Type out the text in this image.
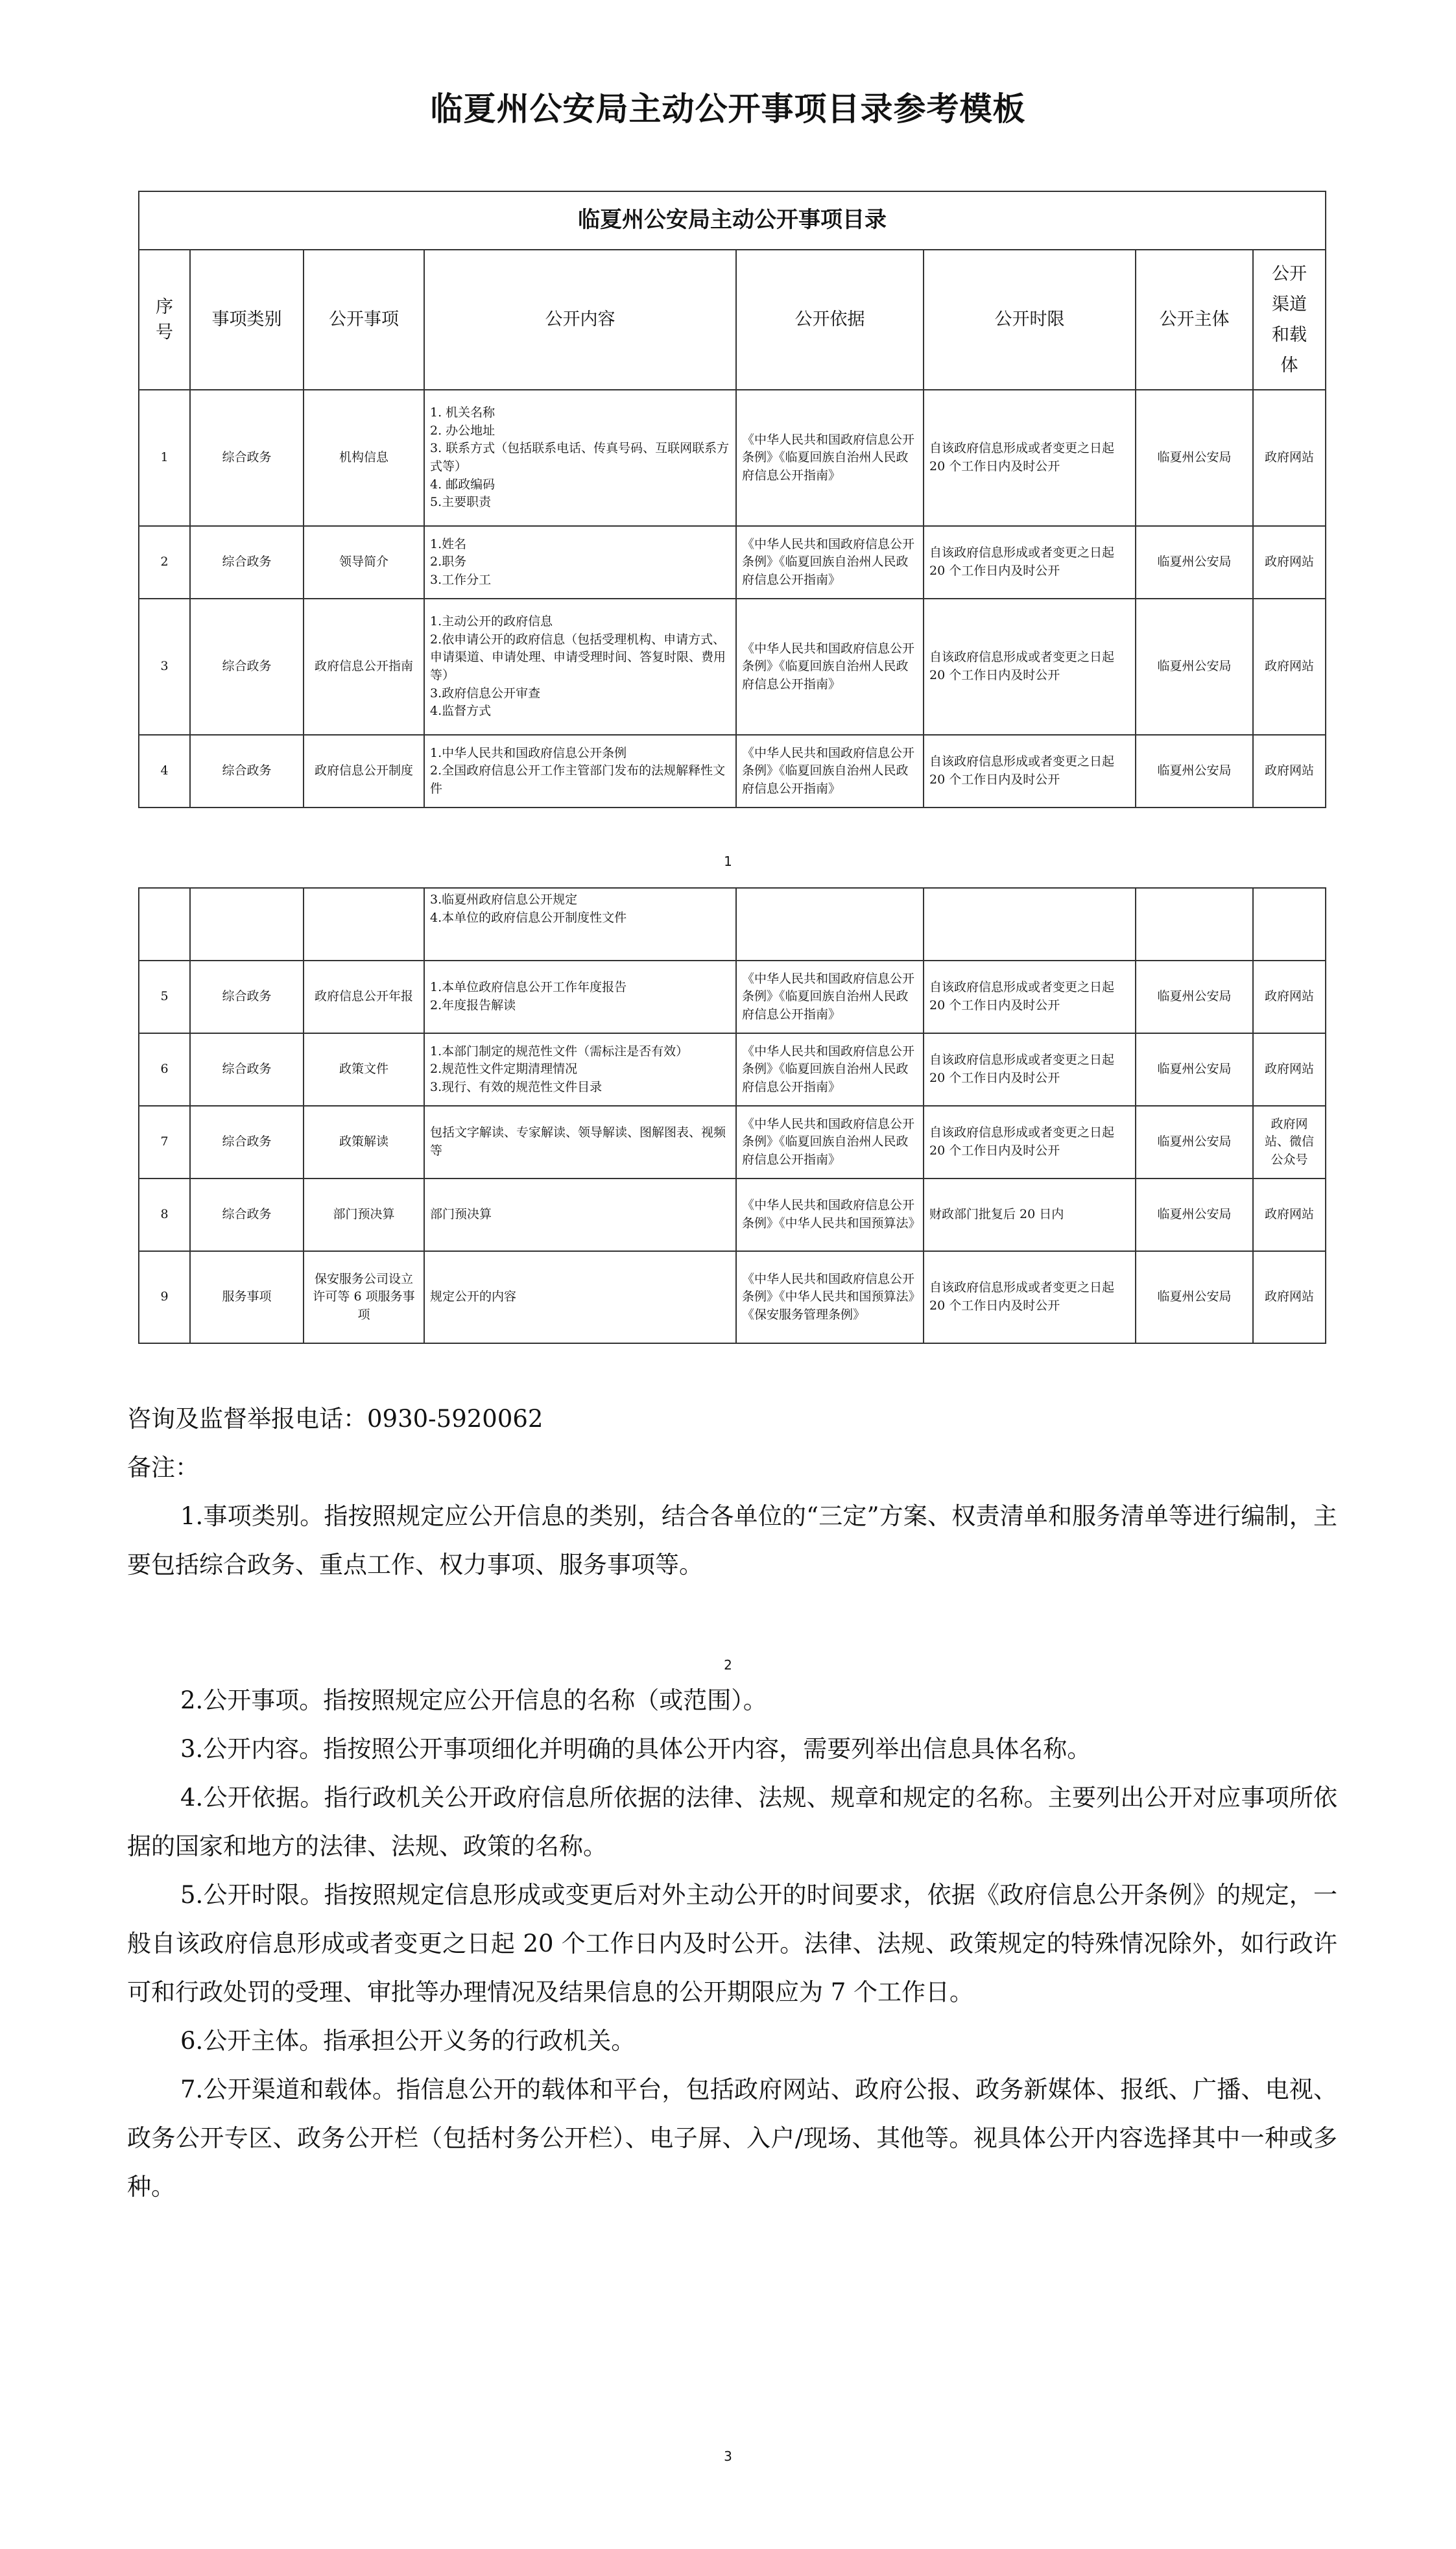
临夏州公安局主动公开事项目录参考模板
临夏州公安局主动公开事项目录							
序号	事项类别	公开事项	公开内容	公开依据	公开时限	公开主体	公开渠道和载体
1	综合政务	机构信息	1. 机关名称
2. 办公地址
3. 联系方式（包括联系电话、传真号码、互联网联系方式等）
4. 邮政编码
5.主要职责	《中华人民共和国政府信息公开条例》《临夏回族自治州人民政府信息公开指南》	自该政府信息形成或者变更之日起 20 个工作日内及时公开	临夏州公安局	政府网站
2	综合政务	领导简介	1.姓名
2.职务
3.工作分工	《中华人民共和国政府信息公开条例》《临夏回族自治州人民政府信息公开指南》	自该政府信息形成或者变更之日起 20 个工作日内及时公开	临夏州公安局	政府网站
3	综合政务	政府信息公开指南	1.主动公开的政府信息
2.依申请公开的政府信息（包括受理机构、申请方式、申请渠道、申请处理、申请受理时间、答复时限、费用等）
3.政府信息公开审查
4.监督方式	《中华人民共和国政府信息公开条例》《临夏回族自治州人民政府信息公开指南》	自该政府信息形成或者变更之日起 20 个工作日内及时公开	临夏州公安局	政府网站
4	综合政务	政府信息公开制度	1.中华人民共和国政府信息公开条例
2.全国政府信息公开工作主管部门发布的法规解释性文件	《中华人民共和国政府信息公开条例》《临夏回族自治州人民政府信息公开指南》	自该政府信息形成或者变更之日起 20 个工作日内及时公开	临夏州公安局	政府网站
1

			3.临夏州政府信息公开规定
4.本单位的政府信息公开制度性文件				

5	综合政务	政府信息公开年报	1.本单位政府信息公开工作年度报告
2.年度报告解读	《中华人民共和国政府信息公开条例》《临夏回族自治州人民政府信息公开指南》	自该政府信息形成或者变更之日起 20 个工作日内及时公开	临夏州公安局	政府网站
6	综合政务	政策文件	1.本部门制定的规范性文件（需标注是否有效）
2.规范性文件定期清理情况
3.现行、有效的规范性文件目录	《中华人民共和国政府信息公开条例》《临夏回族自治州人民政府信息公开指南》	自该政府信息形成或者变更之日起 20 个工作日内及时公开	临夏州公安局	政府网站
7	综合政务	政策解读	包括文字解读、专家解读、领导解读、图解图表、视频等	《中华人民共和国政府信息公开条例》《临夏回族自治州人民政府信息公开指南》	自该政府信息形成或者变更之日起 20 个工作日内及时公开	临夏州公安局	政府网站、微信公众号
8	综合政务	部门预决算	部门预决算	《中华人民共和国政府信息公开条例》《中华人民共和国预算法》	财政部门批复后 20 日内	临夏州公安局	政府网站
9	服务事项	保安服务公司设立许可等 6 项服务事项	规定公开的内容	《中华人民共和国政府信息公开条例》《中华人民共和国预算法》《保安服务管理条例》	自该政府信息形成或者变更之日起 20 个工作日内及时公开	临夏州公安局	政府网站

咨询及监督举报电话：0930-5920062

备注：

1.事项类别。指按照规定应公开信息的类别，结合各单位的“三定”方案、权责清单和服务清单等进行编制，主要包括综合政务、重点工作、权力事项、服务事项等。

2

2.公开事项。指按照规定应公开信息的名称（或范围）。

3.公开内容。指按照公开事项细化并明确的具体公开内容，需要列举出信息具体名称。

4.公开依据。指行政机关公开政府信息所依据的法律、法规、规章和规定的名称。主要列出公开对应事项所依据的国家和地方的法律、法规、政策的名称。

5.公开时限。指按照规定信息形成或变更后对外主动公开的时间要求，依据《政府信息公开条例》的规定，一般自该政府信息形成或者变更之日起 20 个工作日内及时公开。法律、法规、政策规定的特殊情况除外，如行政许可和行政处罚的受理、审批等办理情况及结果信息的公开期限应为 7 个工作日。

6.公开主体。指承担公开义务的行政机关。

7.公开渠道和载体。指信息公开的载体和平台，包括政府网站、政府公报、政务新媒体、报纸、广播、电视、政务公开专区、政务公开栏（包括村务公开栏）、电子屏、入户/现场、其他等。视具体公开内容选择其中一种或多种。

3
